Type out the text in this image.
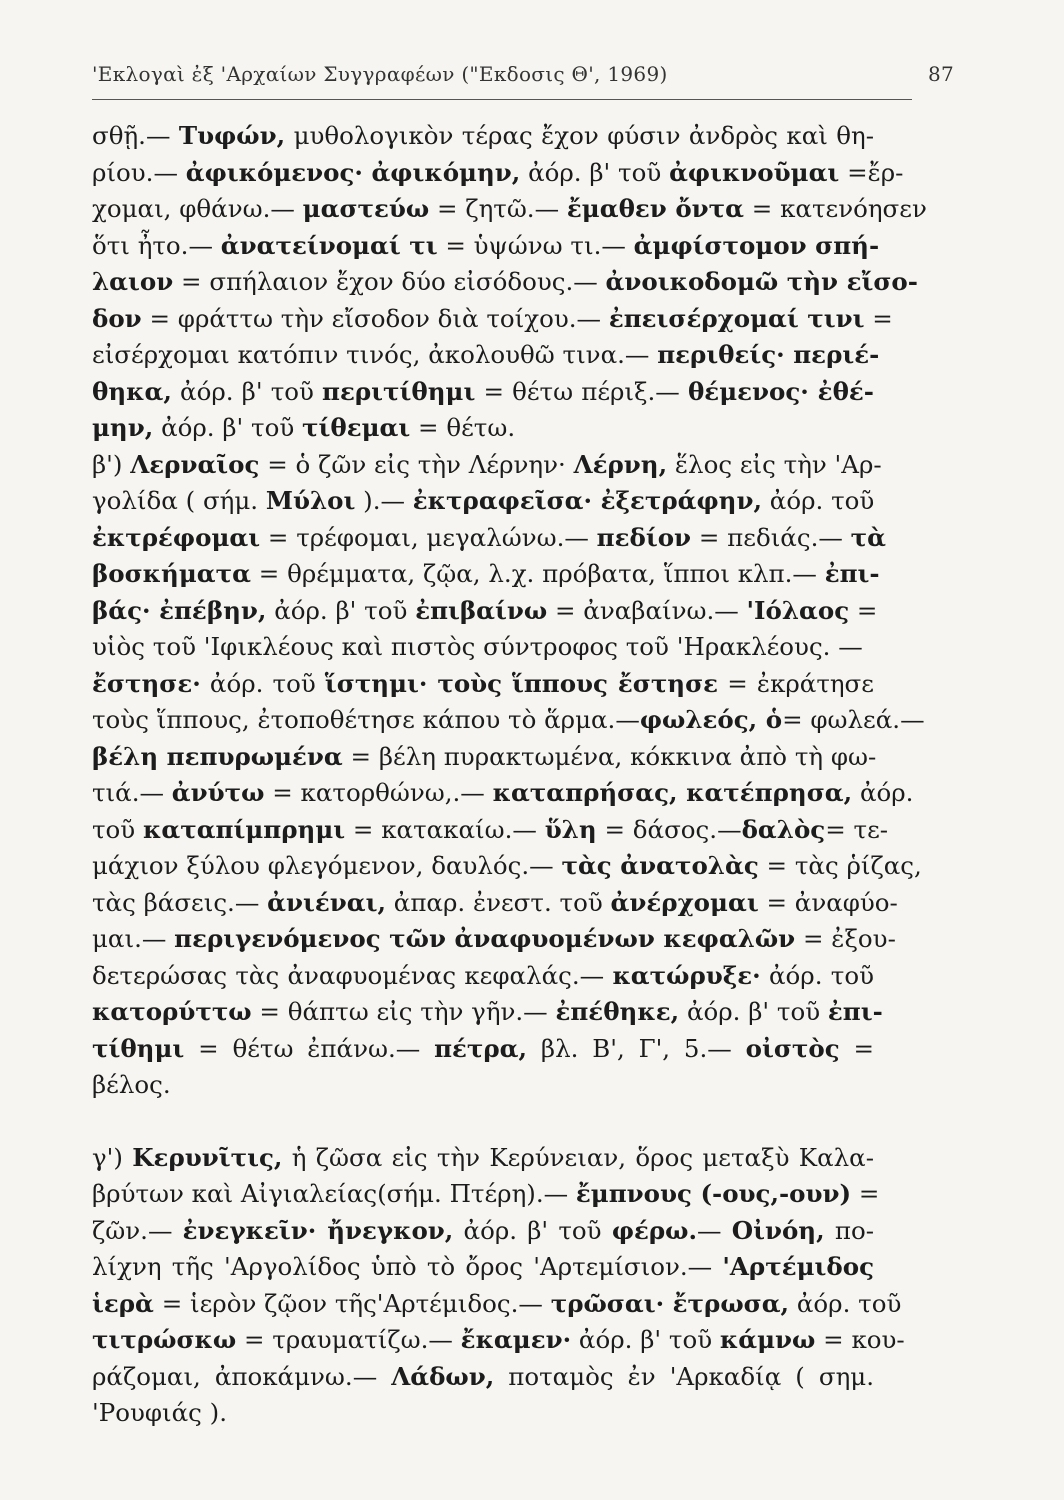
'Εκλογαὶ ἐξ 'Αρχαίων Συγγραφέων ("Εκδοσις Θ', 1969)	87
σθῇ.— Τυφών, μυθολογικὸν τέρας ἔχον φύσιν ἀνδρὸς καὶ θη-
ρίου.— ἀφικόμενος· ἀφικόμην, ἀόρ. β' τοῦ ἀφικνοῦμαι =ἔρ-
χομαι, φθάνω.— μαστεύω = ζητῶ.— ἔμαθεν ὄντα = κατενόησεν
ὅτι ἦτο.— ἀνατείνομαί τι = ὑψώνω τι.— ἀμφίστομον σπή-
λαιον = σπήλαιον ἔχον δύο εἰσόδους.— ἀνοικοδομῶ τὴν εἴσο-
δον = φράττω τὴν εἴσοδον διὰ τοίχου.— ἐπεισέρχομαί τινι =
εἰσέρχομαι κατόπιν τινός, ἀκολουθῶ τινα.— περιθείς· περιέ-
θηκα, ἀόρ. β' τοῦ περιτίθημι = θέτω πέριξ.— θέμενος· ἐθέ-
μην, ἀόρ. β' τοῦ τίθεμαι = θέτω.
β') Λερναῖος = ὁ ζῶν εἰς τὴν Λέρνην· Λέρνη, ἕλος εἰς τὴν 'Αρ-
γολίδα ( σήμ. Μύλοι ).— ἐκτραφεῖσα· ἐξετράφην, ἀόρ. τοῦ
ἐκτρέφομαι = τρέφομαι, μεγαλώνω.— πεδίον = πεδιάς.— τὰ
βοσκήματα = θρέμματα, ζῷα, λ.χ. πρόβατα, ἵπποι κλπ.— ἐπι-
βάς· ἐπέβην, ἀόρ. β' τοῦ ἐπιβαίνω = ἀναβαίνω.— 'Ιόλαος =
υἱὸς τοῦ 'Ιφικλέους καὶ πιστὸς σύντροφος τοῦ 'Ηρακλέους. —
ἔστησε· ἀόρ. τοῦ ἵστημι· τοὺς ἵππους ἔστησε = ἐκράτησε
τοὺς ἵππους, ἐτοποθέτησε κάπου τὸ ἅρμα.—φωλεός, ὁ= φωλεά.—
βέλη πεπυρωμένα = βέλη πυρακτωμένα, κόκκινα ἀπὸ τὴ φω-
τιά.— ἀνύτω = κατορθώνω,.— καταπρήσας, κατέπρησα, ἀόρ.
τοῦ καταπίμπρημι = κατακαίω.— ὕλη = δάσος.—δαλὸς= τε-
μάχιον ξύλου φλεγόμενον, δαυλός.— τὰς ἀνατολὰς = τὰς ῥίζας,
τὰς βάσεις.— ἀνιέναι, ἀπαρ. ἐνεστ. τοῦ ἀνέρχομαι = ἀναφύο-
μαι.— περιγενόμενος τῶν ἀναφυομένων κεφαλῶν = ἐξου-
δετερώσας τὰς ἀναφυομένας κεφαλάς.— κατώρυξε· ἀόρ. τοῦ
κατορύττω = θάπτω εἰς τὴν γῆν.— ἐπέθηκε, ἀόρ. β' τοῦ ἐπι-
τίθημι = θέτω ἐπάνω.— πέτρα, βλ. Β', Γ', 5.— οἰστὸς =
βέλος.
γ') Κερυνῖτις, ἡ ζῶσα εἰς τὴν Κερύνειαν, ὅρος μεταξὺ Καλα-
βρύτων καὶ Αἰγιαλείας(σήμ. Πτέρη).— ἔμπνους (-ους,-ουν) =
ζῶν.— ἐνεγκεῖν· ἤνεγκον, ἀόρ. β' τοῦ φέρω.— Οἰνόη, πο-
λίχνη τῆς 'Αργολίδος ὑπὸ τὸ ὄρος 'Αρτεμίσιον.— 'Αρτέμιδος
ἱερὰ = ἱερὸν ζῷον τῆς'Αρτέμιδος.— τρῶσαι· ἔτρωσα, ἀόρ. τοῦ
τιτρώσκω = τραυματίζω.— ἔκαμεν· ἀόρ. β' τοῦ κάμνω = κου-
ράζομαι, ἀποκάμνω.— Λάδων, ποταμὸς ἐν 'Αρκαδίᾳ ( σημ.
'Ρουφιάς ).
